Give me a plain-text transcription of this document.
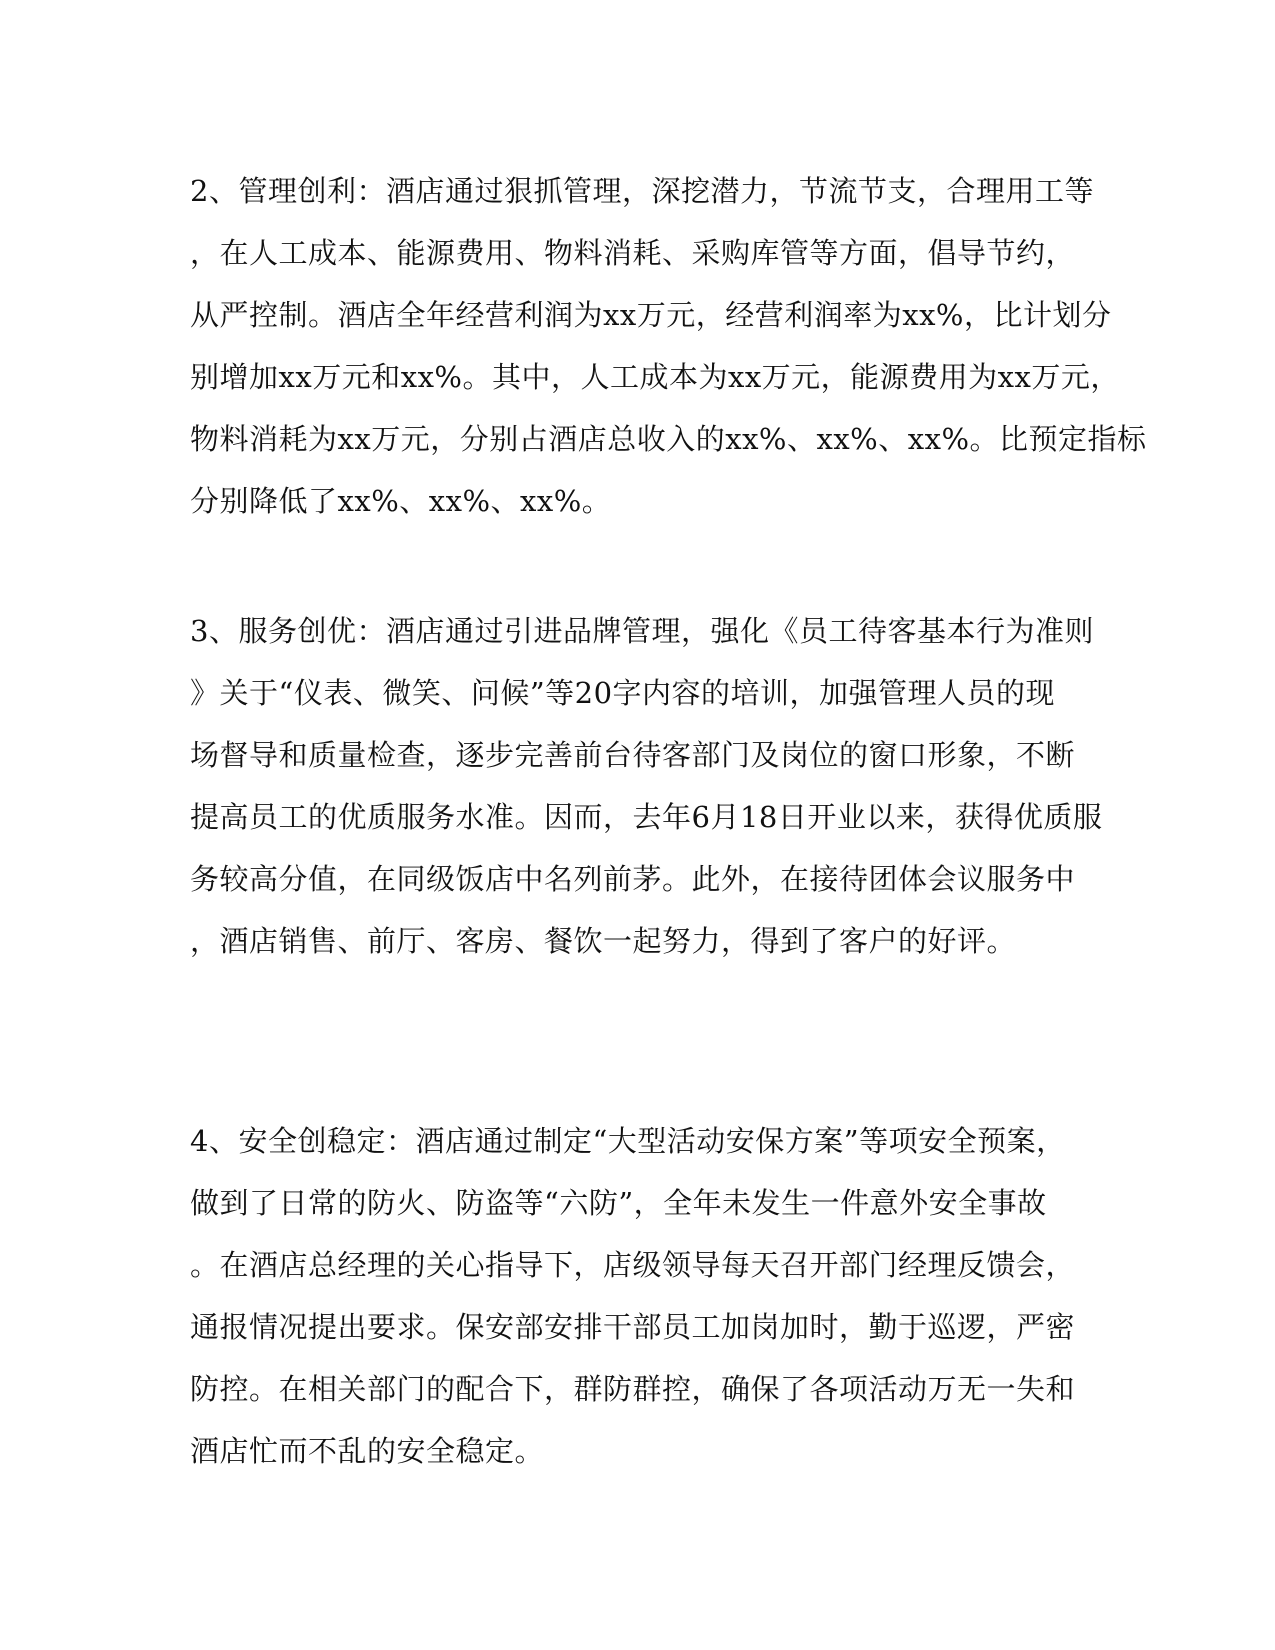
2、管理创利：酒店通过狠抓管理，深挖潜力，节流节支，合理用工等
，在人工成本、能源费用、物料消耗、采购库管等方面，倡导节约，
从严控制。酒店全年经营利润为xx万元，经营利润率为xx%，比计划分
别增加xx万元和xx%。其中，人工成本为xx万元，能源费用为xx万元，
物料消耗为xx万元，分别占酒店总收入的xx%、xx%、xx%。比预定指标
分别降低了xx%、xx%、xx%。
3、服务创优：酒店通过引进品牌管理，强化《员工待客基本行为准则
》关于“仪表、微笑、问候”等20字内容的培训，加强管理人员的现
场督导和质量检查，逐步完善前台待客部门及岗位的窗口形象，不断
提高员工的优质服务水准。因而，去年6月18日开业以来，获得优质服
务较高分值，在同级饭店中名列前茅。此外，在接待团体会议服务中
，酒店销售、前厅、客房、餐饮一起努力，得到了客户的好评。
4、安全创稳定：酒店通过制定“大型活动安保方案”等项安全预案，
做到了日常的防火、防盗等“六防”，全年未发生一件意外安全事故
。在酒店总经理的关心指导下，店级领导每天召开部门经理反馈会，
通报情况提出要求。保安部安排干部员工加岗加时，勤于巡逻，严密
防控。在相关部门的配合下，群防群控，确保了各项活动万无一失和
酒店忙而不乱的安全稳定。
